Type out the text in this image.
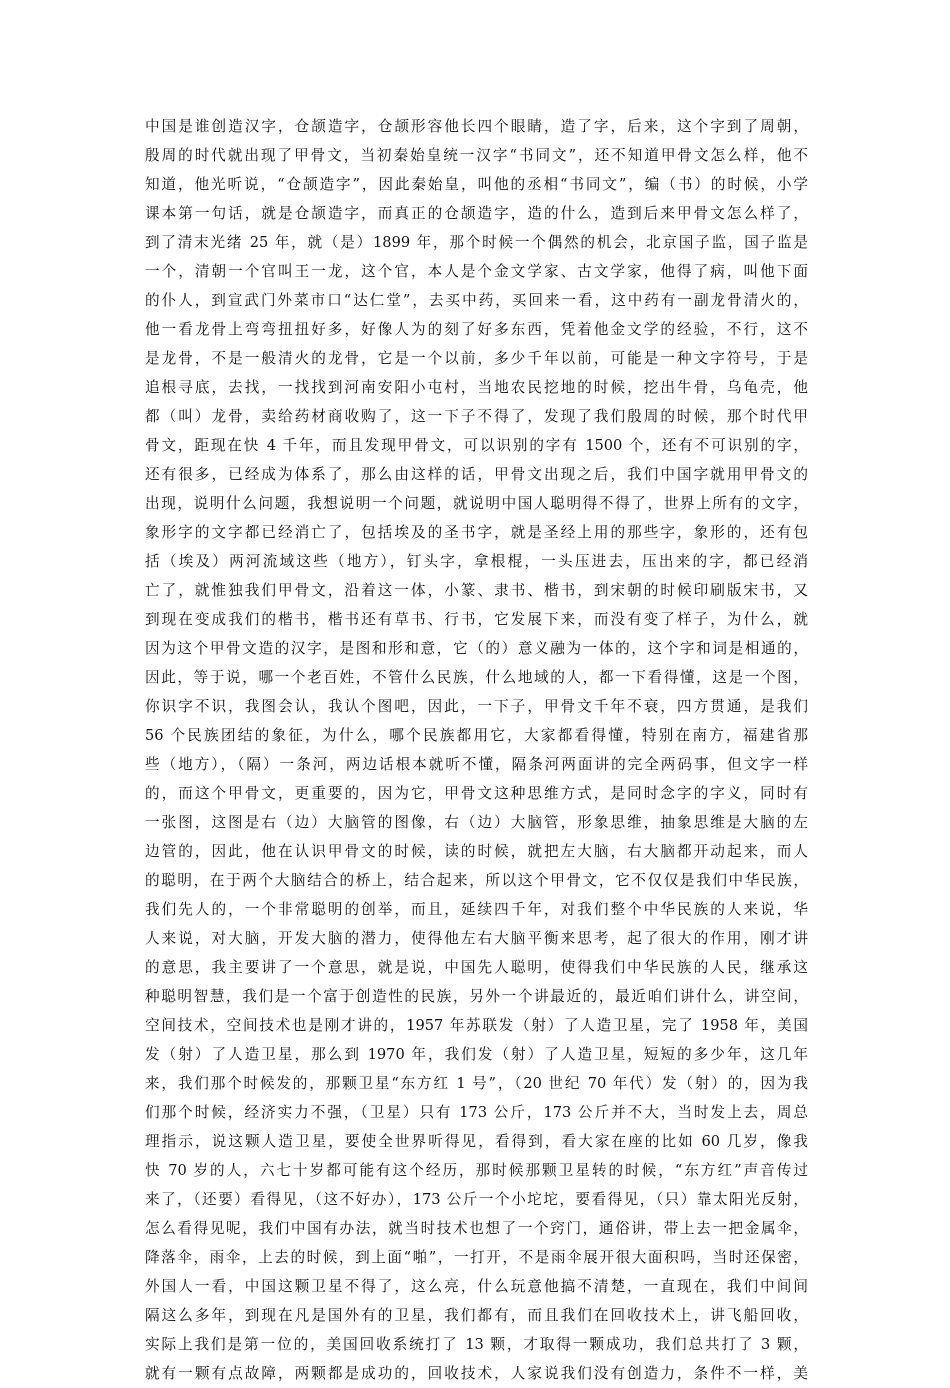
中国是谁创造汉字，仓颉造字，仓颉形容他长四个眼睛，造了字，后来，这个字到了周朝，
殷周的时代就出现了甲骨文，当初秦始皇统一汉字“书同文”，还不知道甲骨文怎么样，他不
知道，他光听说，“仓颉造字”，因此秦始皇，叫他的丞相“书同文”，编（书）的时候，小学
课本第一句话，就是仓颉造字，而真正的仓颉造字，造的什么，造到后来甲骨文怎么样了，
到了清末光绪 25 年，就（是）1899 年，那个时候一个偶然的机会，北京国子监，国子监是
一个，清朝一个官叫王一龙，这个官，本人是个金文学家、古文学家，他得了病，叫他下面
的仆人，到宣武门外菜市口“达仁堂”，去买中药，买回来一看，这中药有一副龙骨清火的，
他一看龙骨上弯弯扭扭好多，好像人为的刻了好多东西，凭着他金文学的经验，不行，这不
是龙骨，不是一般清火的龙骨，它是一个以前，多少千年以前，可能是一种文字符号，于是
追根寻底，去找，一找找到河南安阳小屯村，当地农民挖地的时候，挖出牛骨，乌龟壳，他
都（叫）龙骨，卖给药材商收购了，这一下子不得了，发现了我们殷周的时候，那个时代甲
骨文，距现在快 4 千年，而且发现甲骨文，可以识别的字有 1500 个，还有不可识别的字，
还有很多，已经成为体系了，那么由这样的话，甲骨文出现之后，我们中国字就用甲骨文的
出现，说明什么问题，我想说明一个问题，就说明中国人聪明得不得了，世界上所有的文字，
象形字的文字都已经消亡了，包括埃及的圣书字，就是圣经上用的那些字，象形的，还有包
括（埃及）两河流域这些（地方），钉头字，拿根棍，一头压进去，压出来的字，都已经消
亡了，就惟独我们甲骨文，沿着这一体，小篆、隶书、楷书，到宋朝的时候印刷版宋书，又
到现在变成我们的楷书，楷书还有草书、行书，它发展下来，而没有变了样子，为什么，就
因为这个甲骨文造的汉字，是图和形和意，它（的）意义融为一体的，这个字和词是相通的，
因此，等于说，哪一个老百姓，不管什么民族，什么地域的人，都一下看得懂，这是一个图，
你识字不识，我图会认，我认个图吧，因此，一下子，甲骨文千年不衰，四方贯通，是我们
56 个民族团结的象征，为什么，哪个民族都用它，大家都看得懂，特别在南方，福建省那
些（地方），（隔）一条河，两边话根本就听不懂，隔条河两面讲的完全两码事，但文字一样
的，而这个甲骨文，更重要的，因为它，甲骨文这种思维方式，是同时念字的字义，同时有
一张图，这图是右（边）大脑管的图像，右（边）大脑管，形象思维，抽象思维是大脑的左
边管的，因此，他在认识甲骨文的时候，读的时候，就把左大脑，右大脑都开动起来，而人
的聪明，在于两个大脑结合的桥上，结合起来，所以这个甲骨文，它不仅仅是我们中华民族，
我们先人的，一个非常聪明的创举，而且，延续四千年，对我们整个中华民族的人来说，华
人来说，对大脑，开发大脑的潜力，使得他左右大脑平衡来思考，起了很大的作用，刚才讲
的意思，我主要讲了一个意思，就是说，中国先人聪明，使得我们中华民族的人民，继承这
种聪明智慧，我们是一个富于创造性的民族，另外一个讲最近的，最近咱们讲什么，讲空间，
空间技术，空间技术也是刚才讲的，1957 年苏联发（射）了人造卫星，完了 1958 年，美国
发（射）了人造卫星，那么到 1970 年，我们发（射）了人造卫星，短短的多少年，这几年
来，我们那个时候发的，那颗卫星“东方红 1 号”，（20 世纪 70 年代）发（射）的，因为我
们那个时候，经济实力不强，（卫星）只有 173 公斤，173 公斤并不大，当时发上去，周总
理指示，说这颗人造卫星，要使全世界听得见，看得到，看大家在座的比如 60 几岁，像我
快 70 岁的人，六七十岁都可能有这个经历，那时候那颗卫星转的时候，“东方红”声音传过
来了，（还要）看得见，（这不好办），173 公斤一个小坨坨，要看得见，（只）靠太阳光反射，
怎么看得见呢，我们中国有办法，就当时技术也想了一个窍门，通俗讲，带上去一把金属伞，
降落伞，雨伞，上去的时候，到上面“啪”，一打开，不是雨伞展开很大面积吗，当时还保密，
外国人一看，中国这颗卫星不得了，这么亮，什么玩意他搞不清楚，一直现在，我们中间间
隔这么多年，到现在凡是国外有的卫星，我们都有，而且我们在回收技术上，讲飞船回收，
实际上我们是第一位的，美国回收系统打了 13 颗，才取得一颗成功，我们总共打了 3 颗，
就有一颗有点故障，两颗都是成功的，回收技术，人家说我们没有创造力，条件不一样，美
